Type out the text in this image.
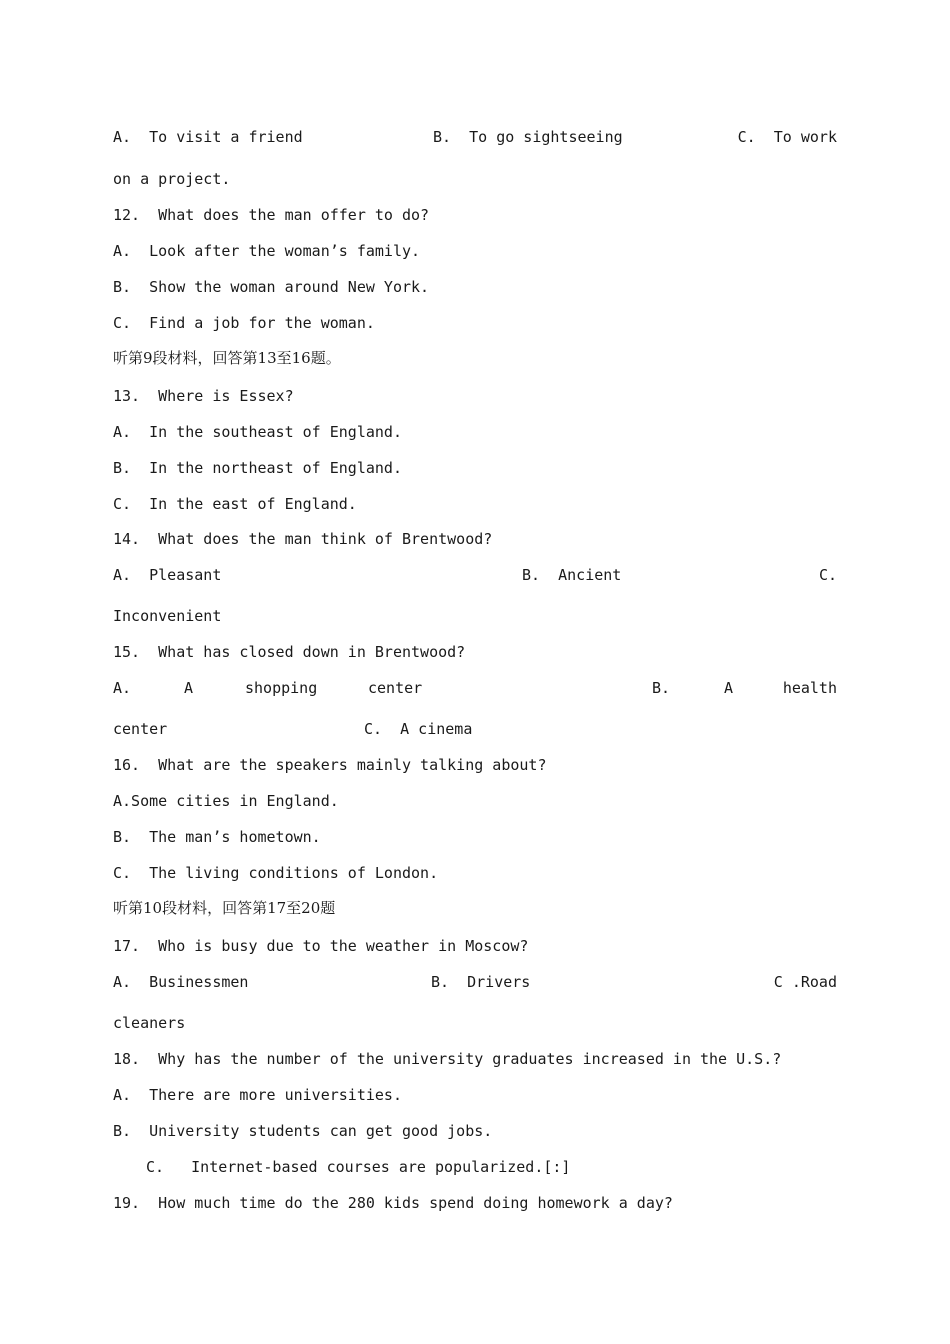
A.  To visit a friend

	B.  To go sightseeing

	C.  To work

on a project.
12.  What does the man offer to do?
A.  Look after the woman’s family.
B.  Show the woman around New York.
C.  Find a job for the woman.
听第9段材料，回答第13至16题。
13.  Where is Essex?
A.  In the southeast of England.
B.  In the northeast of England.
C.  In the east of England.
14.  What does the man think of Brentwood?

A.  Pleasant

	B.  Ancient

	C.

Inconvenient
15.  What has closed down in Brentwood?

A.

	A

	shopping

	center

	B.

	A

	health

center

	C.  A cinema

16.  What are the speakers mainly talking about?
A.Some cities in England.
B.  The man’s hometown.
C.  The living conditions of London.
听第10段材料，回答第17至20题
17.  Who is busy due to the weather in Moscow?

A.  Businessmen

	B.  Drivers

	C .Road

cleaners
18.  Why has the number of the university graduates increased in the U.S.?
A.  There are more universities.
B.  University students can get good jobs.
C.   Internet-based courses are popularized.[:]
19.  How much time do the 280 kids spend doing homework a day?
